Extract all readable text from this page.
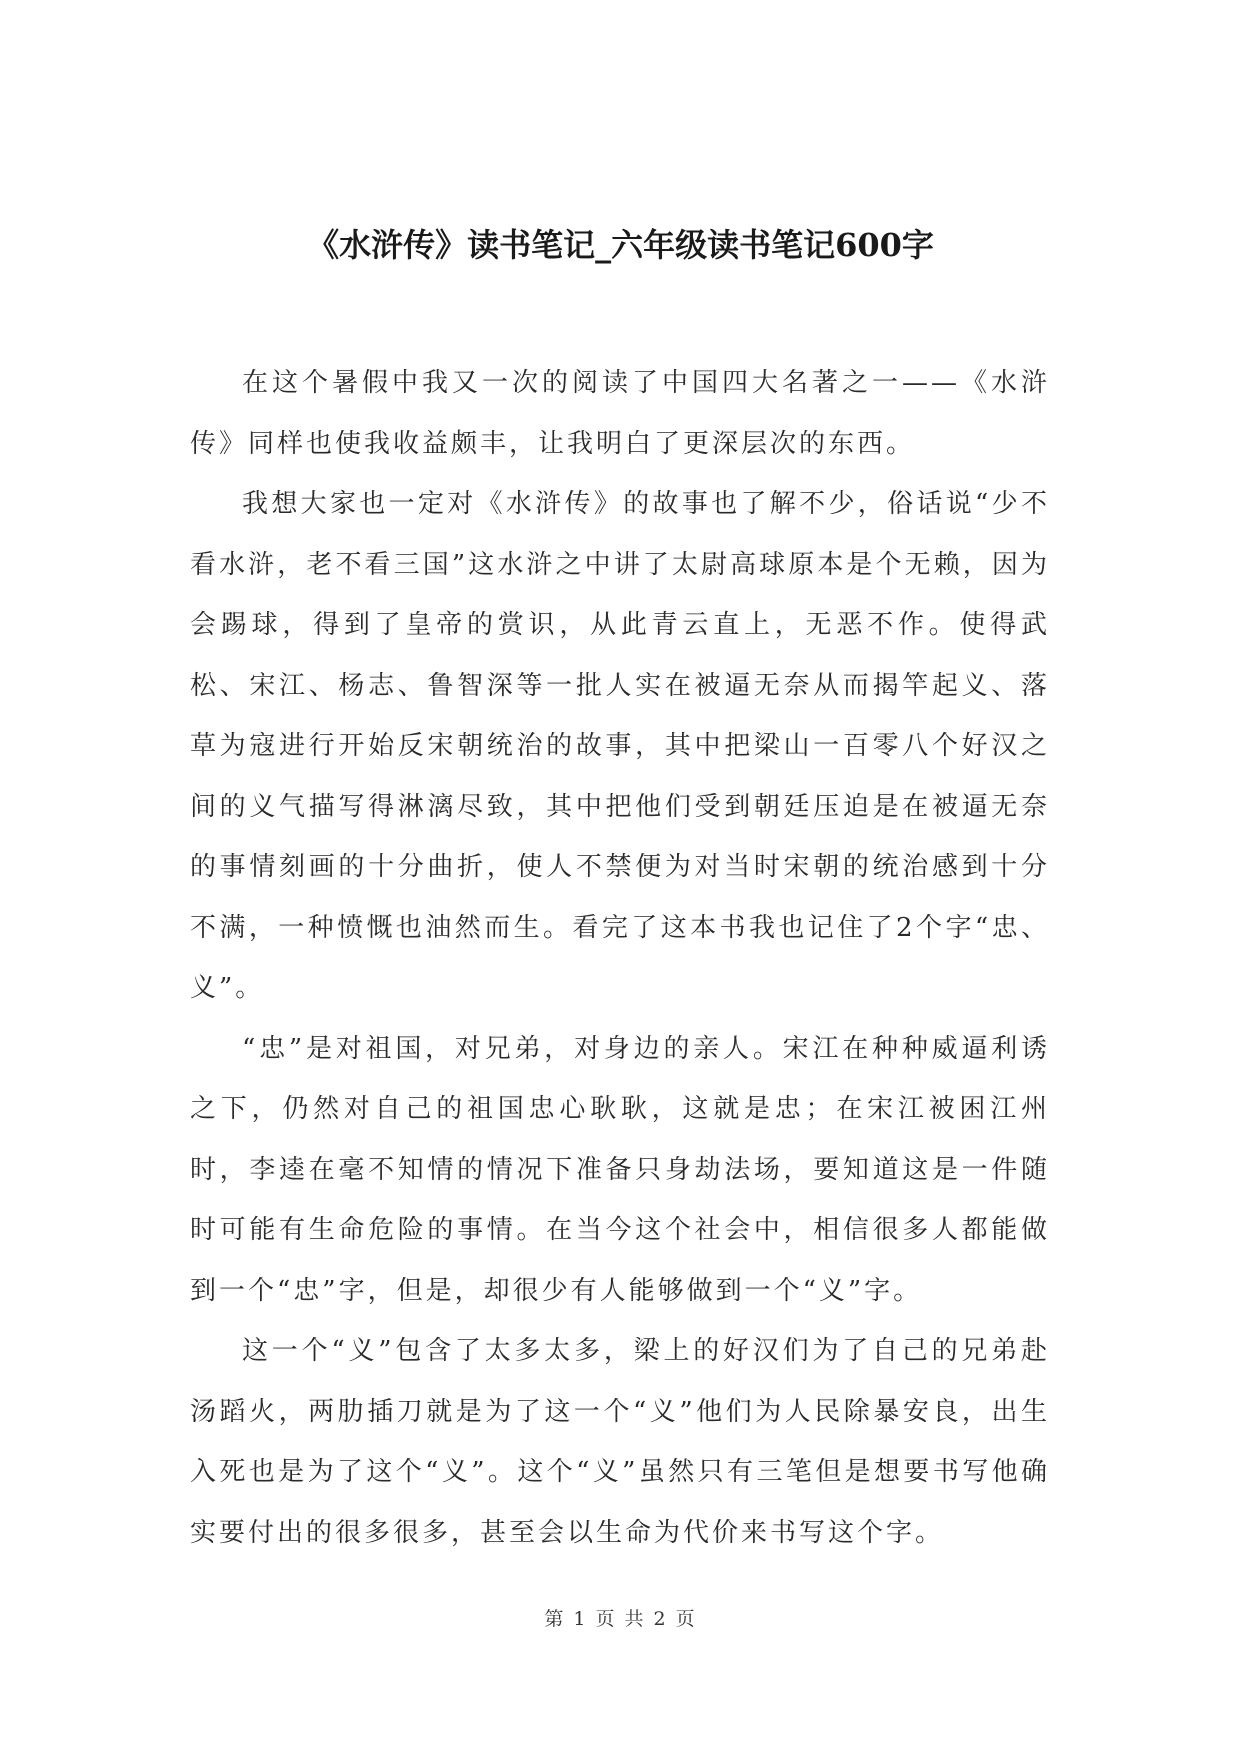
《水浒传》读书笔记_六年级读书笔记600字

在这个暑假中我又一次的阅读了中国四大名著之一——《水浒传》同样也使我收益颇丰，让我明白了更深层次的东西。

我想大家也一定对《水浒传》的故事也了解不少，俗话说“少不看水浒，老不看三国”这水浒之中讲了太尉高球原本是个无赖，因为会踢球，得到了皇帝的赏识，从此青云直上，无恶不作。使得武松、宋江、杨志、鲁智深等一批人实在被逼无奈从而揭竿起义、落草为寇进行开始反宋朝统治的故事，其中把梁山一百零八个好汉之间的义气描写得淋漓尽致，其中把他们受到朝廷压迫是在被逼无奈的事情刻画的十分曲折，使人不禁便为对当时宋朝的统治感到十分不满，一种愤慨也油然而生。看完了这本书我也记住了2个字“忠、义”。

“忠”是对祖国，对兄弟，对身边的亲人。宋江在种种威逼利诱之下，仍然对自己的祖国忠心耿耿，这就是忠；在宋江被困江州时，李逵在毫不知情的情况下准备只身劫法场，要知道这是一件随时可能有生命危险的事情。在当今这个社会中，相信很多人都能做到一个“忠”字，但是，却很少有人能够做到一个“义”字。

这一个“义”包含了太多太多，梁上的好汉们为了自己的兄弟赴汤蹈火，两肋插刀就是为了这一个“义”他们为人民除暴安良，出生入死也是为了这个“义”。这个“义”虽然只有三笔但是想要书写他确实要付出的很多很多，甚至会以生命为代价来书写这个字。

第 1 页 共 2 页
